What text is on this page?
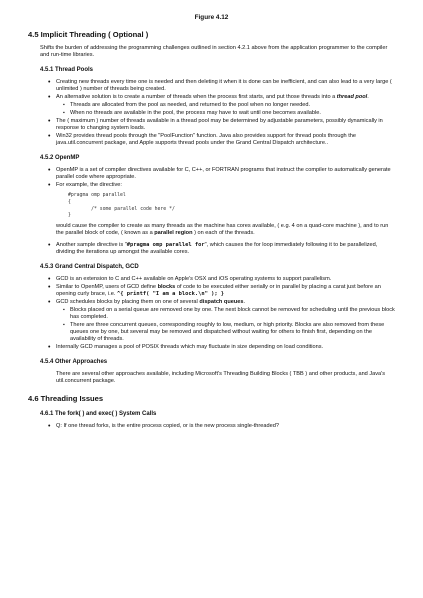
Figure 4.12
4.5 Implicit Threading ( Optional )

Shifts the burden of addressing the programming challenges outlined in section 4.2.1 above from the application programmer to the compiler and run-time libraries.

4.5.1 Thread Pools
• Creating new threads every time one is needed and then deleting it when it is done can be inefficient, and can also lead to a very large ( unlimited ) number of threads being created.
• An alternative solution is to create a number of threads when the process first starts, and put those threads into a thread pool.
▪ Threads are allocated from the pool as needed, and returned to the pool when no longer needed.
▪ When no threads are available in the pool, the process may have to wait until one becomes available.
• The ( maximum ) number of threads available in a thread pool may be determined by adjustable parameters, possibly dynamically in response to changing system loads.
• Win32 provides thread pools through the "PoolFunction" function. Java also provides support for thread pools through the java.util.concurrent package, and Apple supports thread pools under the Grand Central Dispatch architecture..
4.5.2 OpenMP
• OpenMP is a set of compiler directives available for C, C++, or FORTRAN programs that instruct the compiler to automatically generate parallel code where appropriate.
• For example, the directive:
#pragma omp parallel
{
/* some parallel code here */
}

would cause the compiler to create as many threads as the machine has cores available, ( e.g. 4 on a quad-core machine ), and to run the parallel block of code, ( known as a parallel region ) on each of the threads.

• Another sample directive is "#pragma omp parallel for", which causes the for loop immediately following it to be parallelized, dividing the iterations up amongst the available cores.
4.5.3 Grand Central Dispatch, GCD
• GCD is an extension to C and C++ available on Apple's OSX and iOS operating systems to support parallelism.
• Similar to OpenMP, users of GCD define blocks of code to be executed either serially or in parallel by placing a carat just before an opening curly brace, i.e. ^{ printf( "I am a block.\n" ); }
• GCD schedules blocks by placing them on one of several dispatch queues.
▪ Blocks placed on a serial queue are removed one by one. The next block cannot be removed for scheduling until the previous block has completed.
▪ There are three concurrent queues, corresponding roughly to low, medium, or high priority. Blocks are also removed from these queues one by one, but several may be removed and dispatched without waiting for others to finish first, depending on the availability of threads.
• Internally GCD manages a pool of POSIX threads which may fluctuate in size depending on load conditions.
4.5.4 Other Approaches

There are several other approaches available, including Microsoft's Threading Building Blocks ( TBB ) and other products, and Java's util.concurrent package.

4.6 Threading Issues
4.6.1 The fork( ) and exec( ) System Calls
• Q: If one thread forks, is the entire process copied, or is the new process single-threaded?
